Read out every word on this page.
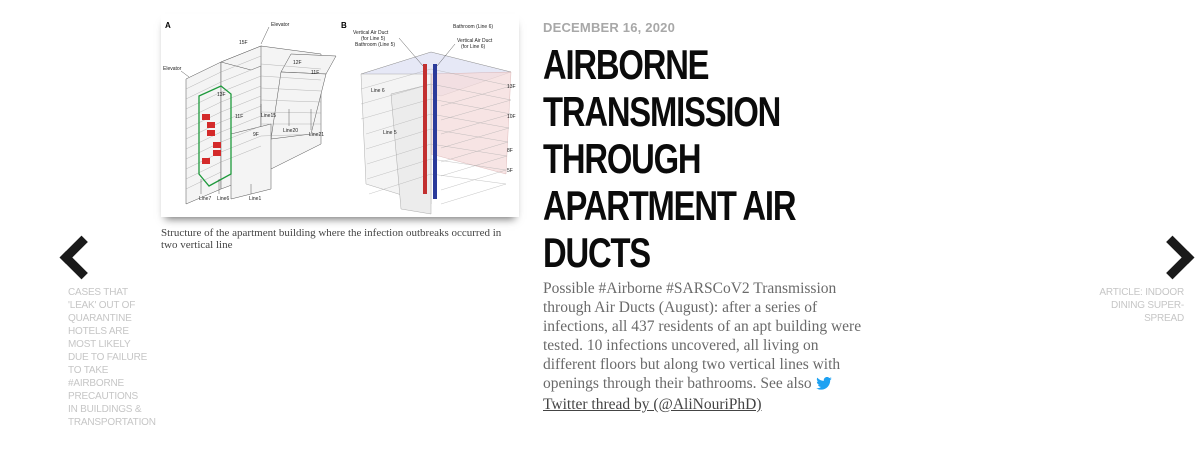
CASES THAT 'LEAK' OUT OF QUARANTINE HOTELS ARE MOST LIKELY DUE TO FAILURE TO TAKE #AIRBORNE PRECAUTIONS IN BUILDINGS & TRANSPORTATION
ARTICLE: INDOOR DINING SUPER-SPREAD
A	Elevator
Elevator
15F
12F
11F
13F
11F
9F
Line15
Line20
Line21
Line7 Line6	Line1
B
Vertical Air Duct
(for Line 5)
Bathroom (Line 5)
Bathroom (Line 6)
Vertical Air Duct
(for Line 6)
Line 6
Line 5
13F
10F
8F
5F
Structure of the apartment building where the infection outbreaks occurred in two vertical line
DECEMBER 16, 2020
AIRBORNE TRANSMISSION THROUGH APARTMENT AIR DUCTS
Possible #Airborne #SARSCoV2 Transmission through Air Ducts (August): after a series of infections, all 437 residents of an apt building were tested. 10 infections uncovered, all living on different floors but along two vertical lines with openings through their bathrooms. See also Twitter thread by (@AliNouriPhD)
